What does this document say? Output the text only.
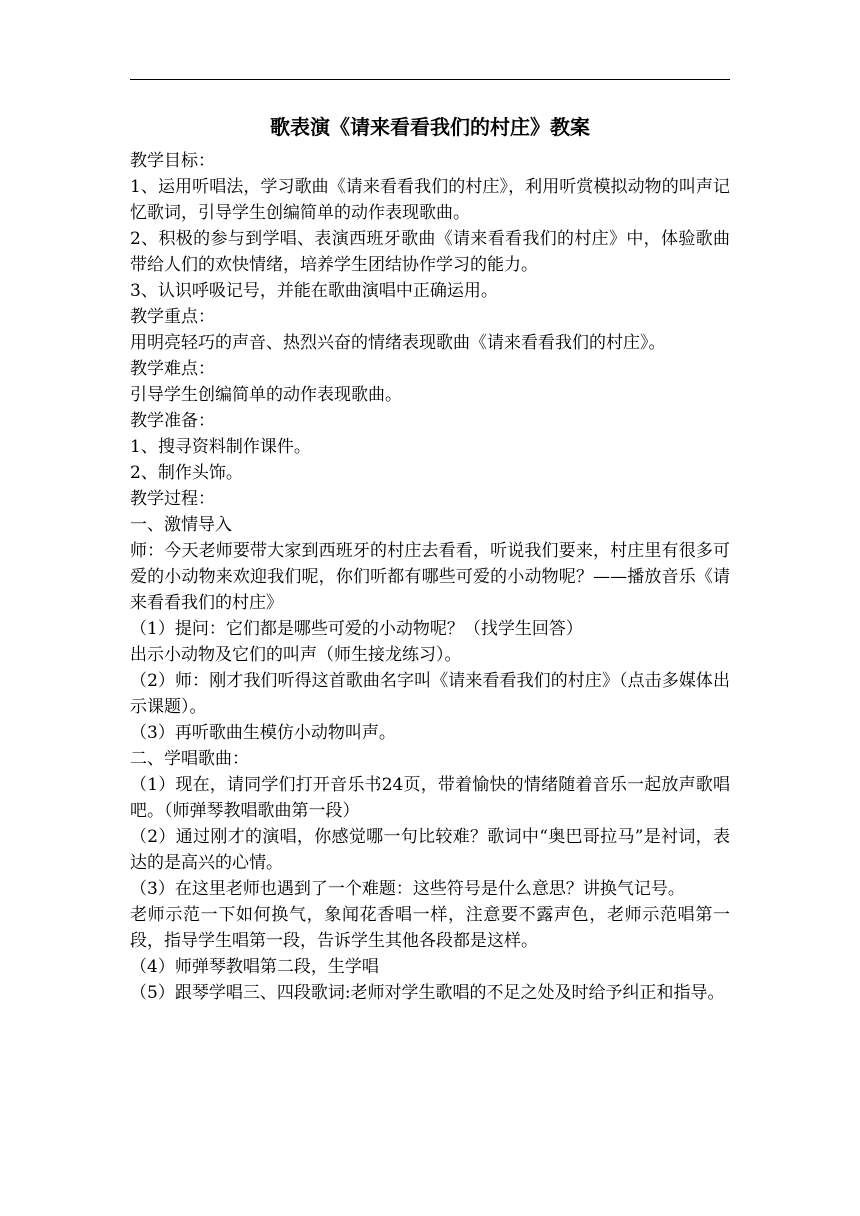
歌表演《请来看看我们的村庄》教案

教学目标：

1、运用听唱法，学习歌曲《请来看看我们的村庄》，利用听赏模拟动物的叫声记忆歌词，引导学生创编简单的动作表现歌曲。

2、积极的参与到学唱、表演西班牙歌曲《请来看看我们的村庄》中，体验歌曲带给人们的欢快情绪，培养学生团结协作学习的能力。

3、认识呼吸记号，并能在歌曲演唱中正确运用。

教学重点：

用明亮轻巧的声音、热烈兴奋的情绪表现歌曲《请来看看我们的村庄》。

教学难点：

引导学生创编简单的动作表现歌曲。

教学准备：

1、搜寻资料制作课件。

2、制作头饰。

教学过程：

一、激情导入

师：今天老师要带大家到西班牙的村庄去看看，听说我们要来，村庄里有很多可爱的小动物来欢迎我们呢，你们听都有哪些可爱的小动物呢？——播放音乐《请来看看我们的村庄》

（1）提问：它们都是哪些可爱的小动物呢？（找学生回答）

出示小动物及它们的叫声（师生接龙练习）。

（2）师：刚才我们听得这首歌曲名字叫《请来看看我们的村庄》（点击多媒体出示课题）。

（3）再听歌曲生模仿小动物叫声。

二、学唱歌曲：

（1）现在，请同学们打开音乐书24页，带着愉快的情绪随着音乐一起放声歌唱吧。（师弹琴教唱歌曲第一段）

（2）通过刚才的演唱，你感觉哪一句比较难？歌词中“奥巴哥拉马”是衬词，表达的是高兴的心情。

（3）在这里老师也遇到了一个难题：这些符号是什么意思？讲换气记号。

老师示范一下如何换气，象闻花香唱一样，注意要不露声色，老师示范唱第一段，指导学生唱第一段，告诉学生其他各段都是这样。

（4）师弹琴教唱第二段，生学唱

（5）跟琴学唱三、四段歌词:老师对学生歌唱的不足之处及时给予纠正和指导。
